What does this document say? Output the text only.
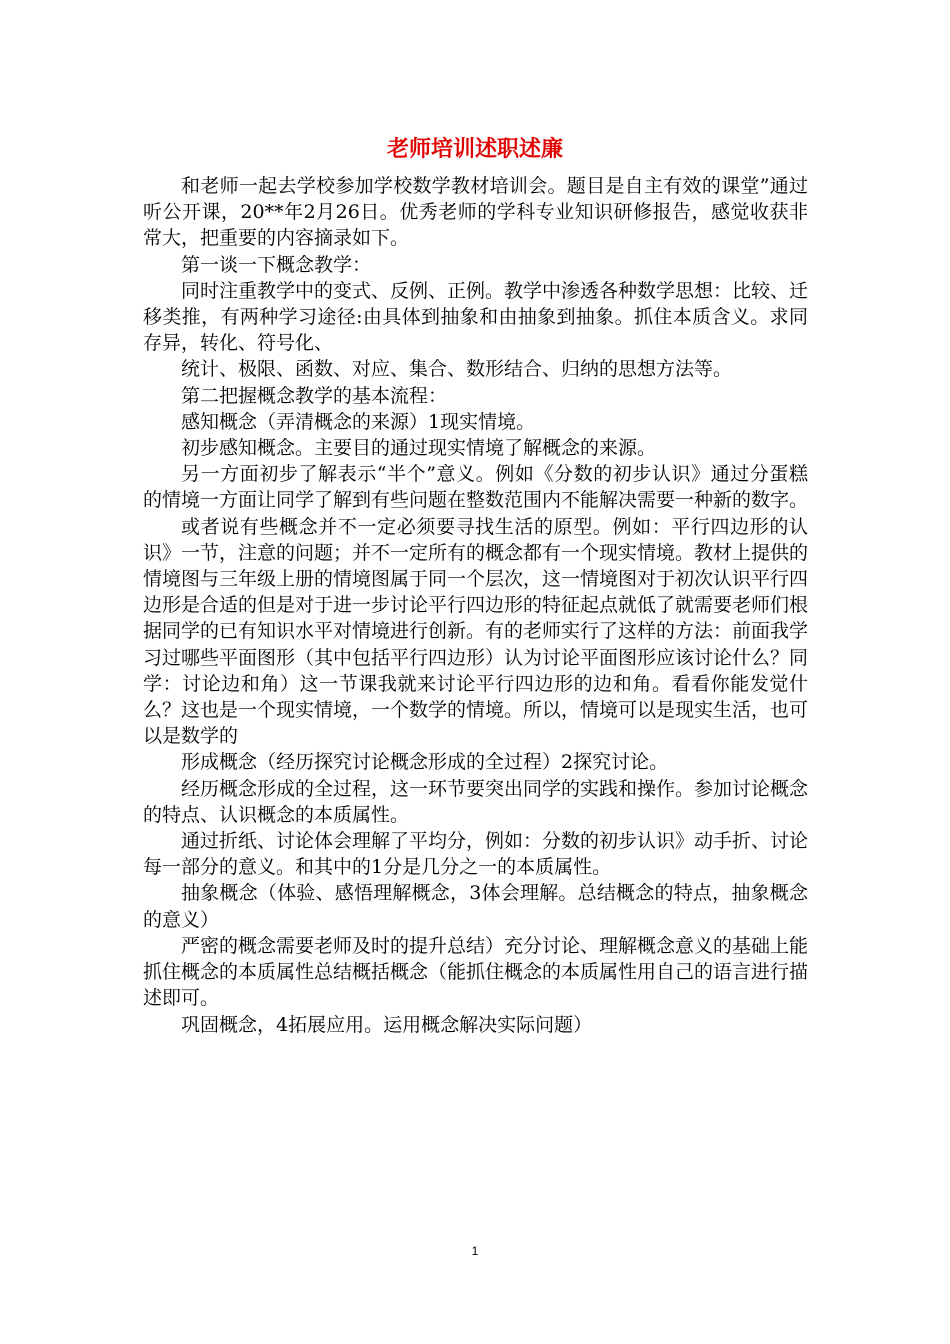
老师培训述职述廉

和老师一起去学校参加学校数学教材培训会。题目是自主有效的课堂”通过听公开课，20**年2月26日。优秀老师的学科专业知识研修报告，感觉收获非常大，把重要的内容摘录如下。

第一谈一下概念教学：

同时注重教学中的变式、反例、正例。教学中渗透各种数学思想：比较、迁移类推，有两种学习途径:由具体到抽象和由抽象到抽象。抓住本质含义。求同存异，转化、符号化、

统计、极限、函数、对应、集合、数形结合、归纳的思想方法等。

第二把握概念教学的基本流程：

感知概念（弄清概念的来源）1现实情境。

初步感知概念。主要目的通过现实情境了解概念的来源。

另一方面初步了解表示“半个”意义。例如《分数的初步认识》通过分蛋糕的情境一方面让同学了解到有些问题在整数范围内不能解决需要一种新的数字。

或者说有些概念并不一定必须要寻找生活的原型。例如：平行四边形的认识》一节，注意的问题；并不一定所有的概念都有一个现实情境。教材上提供的情境图与三年级上册的情境图属于同一个层次，这一情境图对于初次认识平行四边形是合适的但是对于进一步讨论平行四边形的特征起点就低了就需要老师们根据同学的已有知识水平对情境进行创新。有的老师实行了这样的方法：前面我学习过哪些平面图形（其中包括平行四边形）认为讨论平面图形应该讨论什么？同学：讨论边和角）这一节课我就来讨论平行四边形的边和角。看看你能发觉什么？这也是一个现实情境，一个数学的情境。所以，情境可以是现实生活，也可以是数学的

形成概念（经历探究讨论概念形成的全过程）2探究讨论。

经历概念形成的全过程，这一环节要突出同学的实践和操作。参加讨论概念的特点、认识概念的本质属性。

通过折纸、讨论体会理解了平均分，例如：分数的初步认识》动手折、讨论每一部分的意义。和其中的1分是几分之一的本质属性。

抽象概念（体验、感悟理解概念，3体会理解。总结概念的特点，抽象概念的意义）

严密的概念需要老师及时的提升总结）充分讨论、理解概念意义的基础上能抓住概念的本质属性总结概括概念（能抓住概念的本质属性用自己的语言进行描述即可。

巩固概念，4拓展应用。运用概念解决实际问题）

1
